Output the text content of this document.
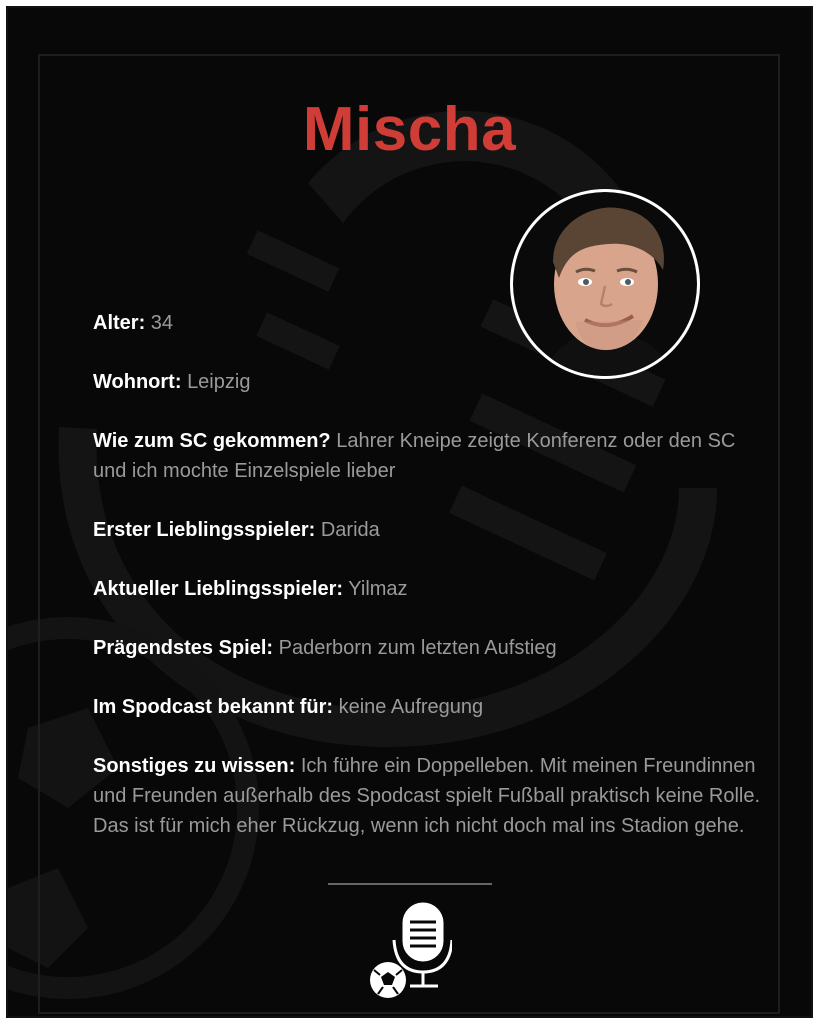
Mischa
Alter: 34
Wohnort: Leipzig
Wie zum SC gekommen? Lahrer Kneipe zeigte Konferenz oder den SC und ich mochte Einzelspiele lieber
Erster Lieblingsspieler: Darida
Aktueller Lieblingsspieler: Yilmaz
Prägendstes Spiel: Paderborn zum letzten Aufstieg
Im Spodcast bekannt für: keine Aufregung
Sonstiges zu wissen: Ich führe ein Doppelleben. Mit meinen Freundinnen und Freunden außerhalb des Spodcast spielt Fußball praktisch keine Rolle. Das ist für mich eher Rückzug, wenn ich nicht doch mal ins Stadion gehe.
